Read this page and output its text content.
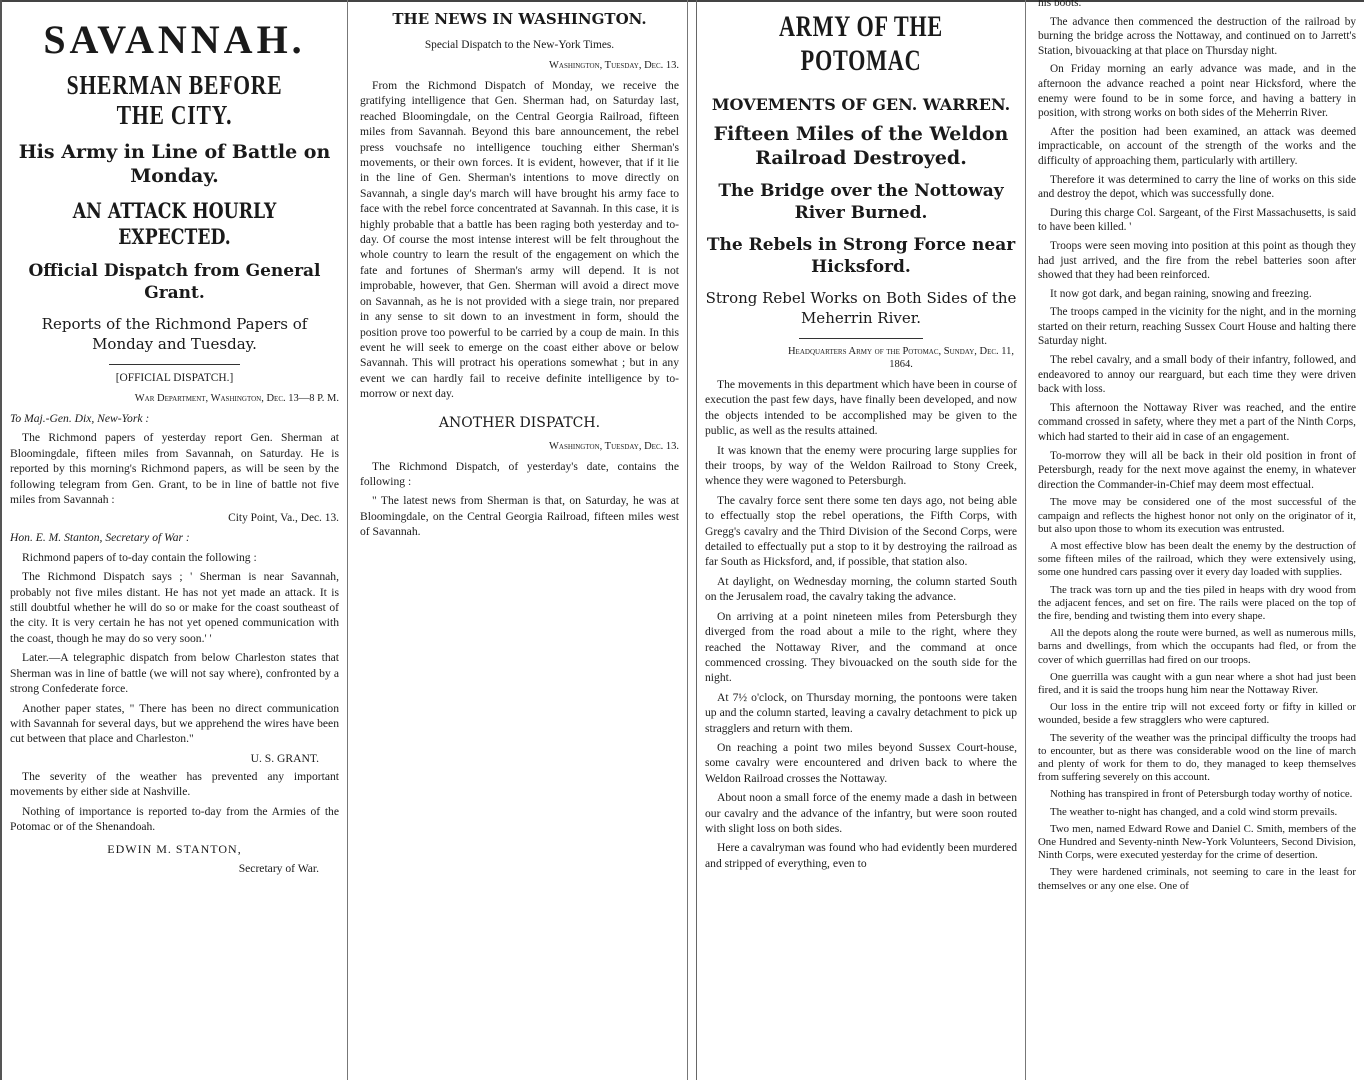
SAVANNAH.
SHERMAN BEFORE THE CITY.
His Army in Line of Battle on Monday.
AN ATTACK HOURLY EXPECTED.
Official Dispatch from General Grant.
Reports of the Richmond Papers of Monday and Tuesday.
[OFFICIAL DISPATCH.]
War Department, Washington, Dec. 13—8 P. M.
To Maj.-Gen. Dix, New-York :
The Richmond papers of yesterday report Gen. Sherman at Bloomingdale, fifteen miles from Savannah, on Saturday. He is reported by this morning's Richmond papers, as will be seen by the following telegram from Gen. Grant, to be in line of battle not five miles from Savannah :
City Point, Va., Dec. 13.
Hon. E. M. Stanton, Secretary of War :
Richmond papers of to-day contain the following :
The Richmond Dispatch says ; ' Sherman is near Savannah, probably not five miles distant. He has not yet made an attack. It is still doubtful whether he will do so or make for the coast southeast of the city. It is very certain he has not yet opened communication with the coast, though he may do so very soon.' '
Later.—A telegraphic dispatch from below Charleston states that Sherman was in line of battle (we will not say where), confronted by a strong Confederate force.
Another paper states, " There has been no direct communication with Savannah for several days, but we apprehend the wires have been cut between that place and Charleston."
U. S. GRANT.
The severity of the weather has prevented any important movements by either side at Nashville.
Nothing of importance is reported to-day from the Armies of the Potomac or of the Shenandoah.
EDWIN M. STANTON,
Secretary of War.
THE NEWS IN WASHINGTON.
Special Dispatch to the New-York Times.
Washington, Tuesday, Dec. 13.
From the Richmond Dispatch of Monday, we receive the gratifying intelligence that Gen. Sherman had, on Saturday last, reached Bloomingdale, on the Central Georgia Railroad, fifteen miles from Savannah. Beyond this bare announcement, the rebel press vouchsafe no intelligence touching either Sherman's movements, or their own forces. It is evident, however, that if it lie in the line of Gen. Sherman's intentions to move directly on Savannah, a single day's march will have brought his army face to face with the rebel force concentrated at Savannah. In this case, it is highly probable that a battle has been raging both yesterday and to-day. Of course the most intense interest will be felt throughout the whole country to learn the result of the engagement on which the fate and fortunes of Sherman's army will depend. It is not improbable, however, that Gen. Sherman will avoid a direct move on Savannah, as he is not provided with a siege train, nor prepared in any sense to sit down to an investment in form, should the position prove too powerful to be carried by a coup de main. In this event he will seek to emerge on the coast either above or below Savannah. This will protract his operations somewhat ; but in any event we can hardly fail to receive definite intelligence by to-morrow or next day.
ANOTHER DISPATCH.
Washington, Tuesday, Dec. 13.
The Richmond Dispatch, of yesterday's date, contains the following :
" The latest news from Sherman is that, on Saturday, he was at Bloomingdale, on the Central Georgia Railroad, fifteen miles west of Savannah.
ARMY OF THE POTOMAC
MOVEMENTS OF GEN. WARREN.
Fifteen Miles of the Weldon Railroad Destroyed.
The Bridge over the Nottoway River Burned.
The Rebels in Strong Force near Hicksford.
Strong Rebel Works on Both Sides of the Meherrin River.
Headquarters Army of the Potomac, Sunday, Dec. 11, 1864.
The movements in this department which have been in course of execution the past few days, have finally been developed, and now the objects intended to be accomplished may be given to the public, as well as the results attained.
It was known that the enemy were procuring large supplies for their troops, by way of the Weldon Railroad to Stony Creek, whence they were wagoned to Petersburgh.
The cavalry force sent there some ten days ago, not being able to effectually stop the rebel operations, the Fifth Corps, with Gregg's cavalry and the Third Division of the Second Corps, were detailed to effectually put a stop to it by destroying the railroad as far South as Hicksford, and, if possible, that station also.
At daylight, on Wednesday morning, the column started South on the Jerusalem road, the cavalry taking the advance.
On arriving at a point nineteen miles from Petersburgh they diverged from the road about a mile to the right, where they reached the Nottaway River, and the command at once commenced crossing. They bivouacked on the south side for the night.
At 7½ o'clock, on Thursday morning, the pontoons were taken up and the column started, leaving a cavalry detachment to pick up stragglers and return with them.
On reaching a point two miles beyond Sussex Court-house, some cavalry were encountered and driven back to where the Weldon Railroad crosses the Nottaway.
About noon a small force of the enemy made a dash in between our cavalry and the advance of the infantry, but were soon routed with slight loss on both sides.
Here a cavalryman was found who had evidently been murdered and stripped of everything, even to
his boots.
The advance then commenced the destruction of the railroad by burning the bridge across the Nottaway, and continued on to Jarrett's Station, bivouacking at that place on Thursday night.
On Friday morning an early advance was made, and in the afternoon the advance reached a point near Hicksford, where the enemy were found to be in some force, and having a battery in position, with strong works on both sides of the Meherrin River.
After the position had been examined, an attack was deemed impracticable, on account of the strength of the works and the difficulty of approaching them, particularly with artillery.
Therefore it was determined to carry the line of works on this side and destroy the depot, which was successfully done.
During this charge Col. Sargeant, of the First Massachusetts, is said to have been killed. '
Troops were seen moving into position at this point as though they had just arrived, and the fire from the rebel batteries soon after showed that they had been reinforced.
It now got dark, and began raining, snowing and freezing.
The troops camped in the vicinity for the night, and in the morning started on their return, reaching Sussex Court House and halting there Saturday night.
The rebel cavalry, and a small body of their infantry, followed, and endeavored to annoy our rearguard, but each time they were driven back with loss.
This afternoon the Nottaway River was reached, and the entire command crossed in safety, where they met a part of the Ninth Corps, which had started to their aid in case of an engagement.
To-morrow they will all be back in their old position in front of Petersburgh, ready for the next move against the enemy, in whatever direction the Commander-in-Chief may deem most effectual.
The move may be considered one of the most successful of the campaign and reflects the highest honor not only on the originator of it, but also upon those to whom its execution was entrusted.
A most effective blow has been dealt the enemy by the destruction of some fifteen miles of the railroad, which they were extensively using, some one hundred cars passing over it every day loaded with supplies.
The track was torn up and the ties piled in heaps with dry wood from the adjacent fences, and set on fire. The rails were placed on the top of the fire, bending and twisting them into every shape.
All the depots along the route were burned, as well as numerous mills, barns and dwellings, from which the occupants had fled, or from the cover of which guerrillas had fired on our troops.
One guerrilla was caught with a gun near where a shot had just been fired, and it is said the troops hung him near the Nottaway River.
Our loss in the entire trip will not exceed forty or fifty in killed or wounded, beside a few stragglers who were captured.
The severity of the weather was the principal difficulty the troops had to encounter, but as there was considerable wood on the line of march and plenty of work for them to do, they managed to keep themselves from suffering severely on this account.
Nothing has transpired in front of Petersburgh today worthy of notice.
The weather to-night has changed, and a cold wind storm prevails.
Two men, named Edward Rowe and Daniel C. Smith, members of the One Hundred and Seventy-ninth New-York Volunteers, Second Division, Ninth Corps, were executed yesterday for the crime of desertion.
They were hardened criminals, not seeming to care in the least for themselves or any one else. One of
